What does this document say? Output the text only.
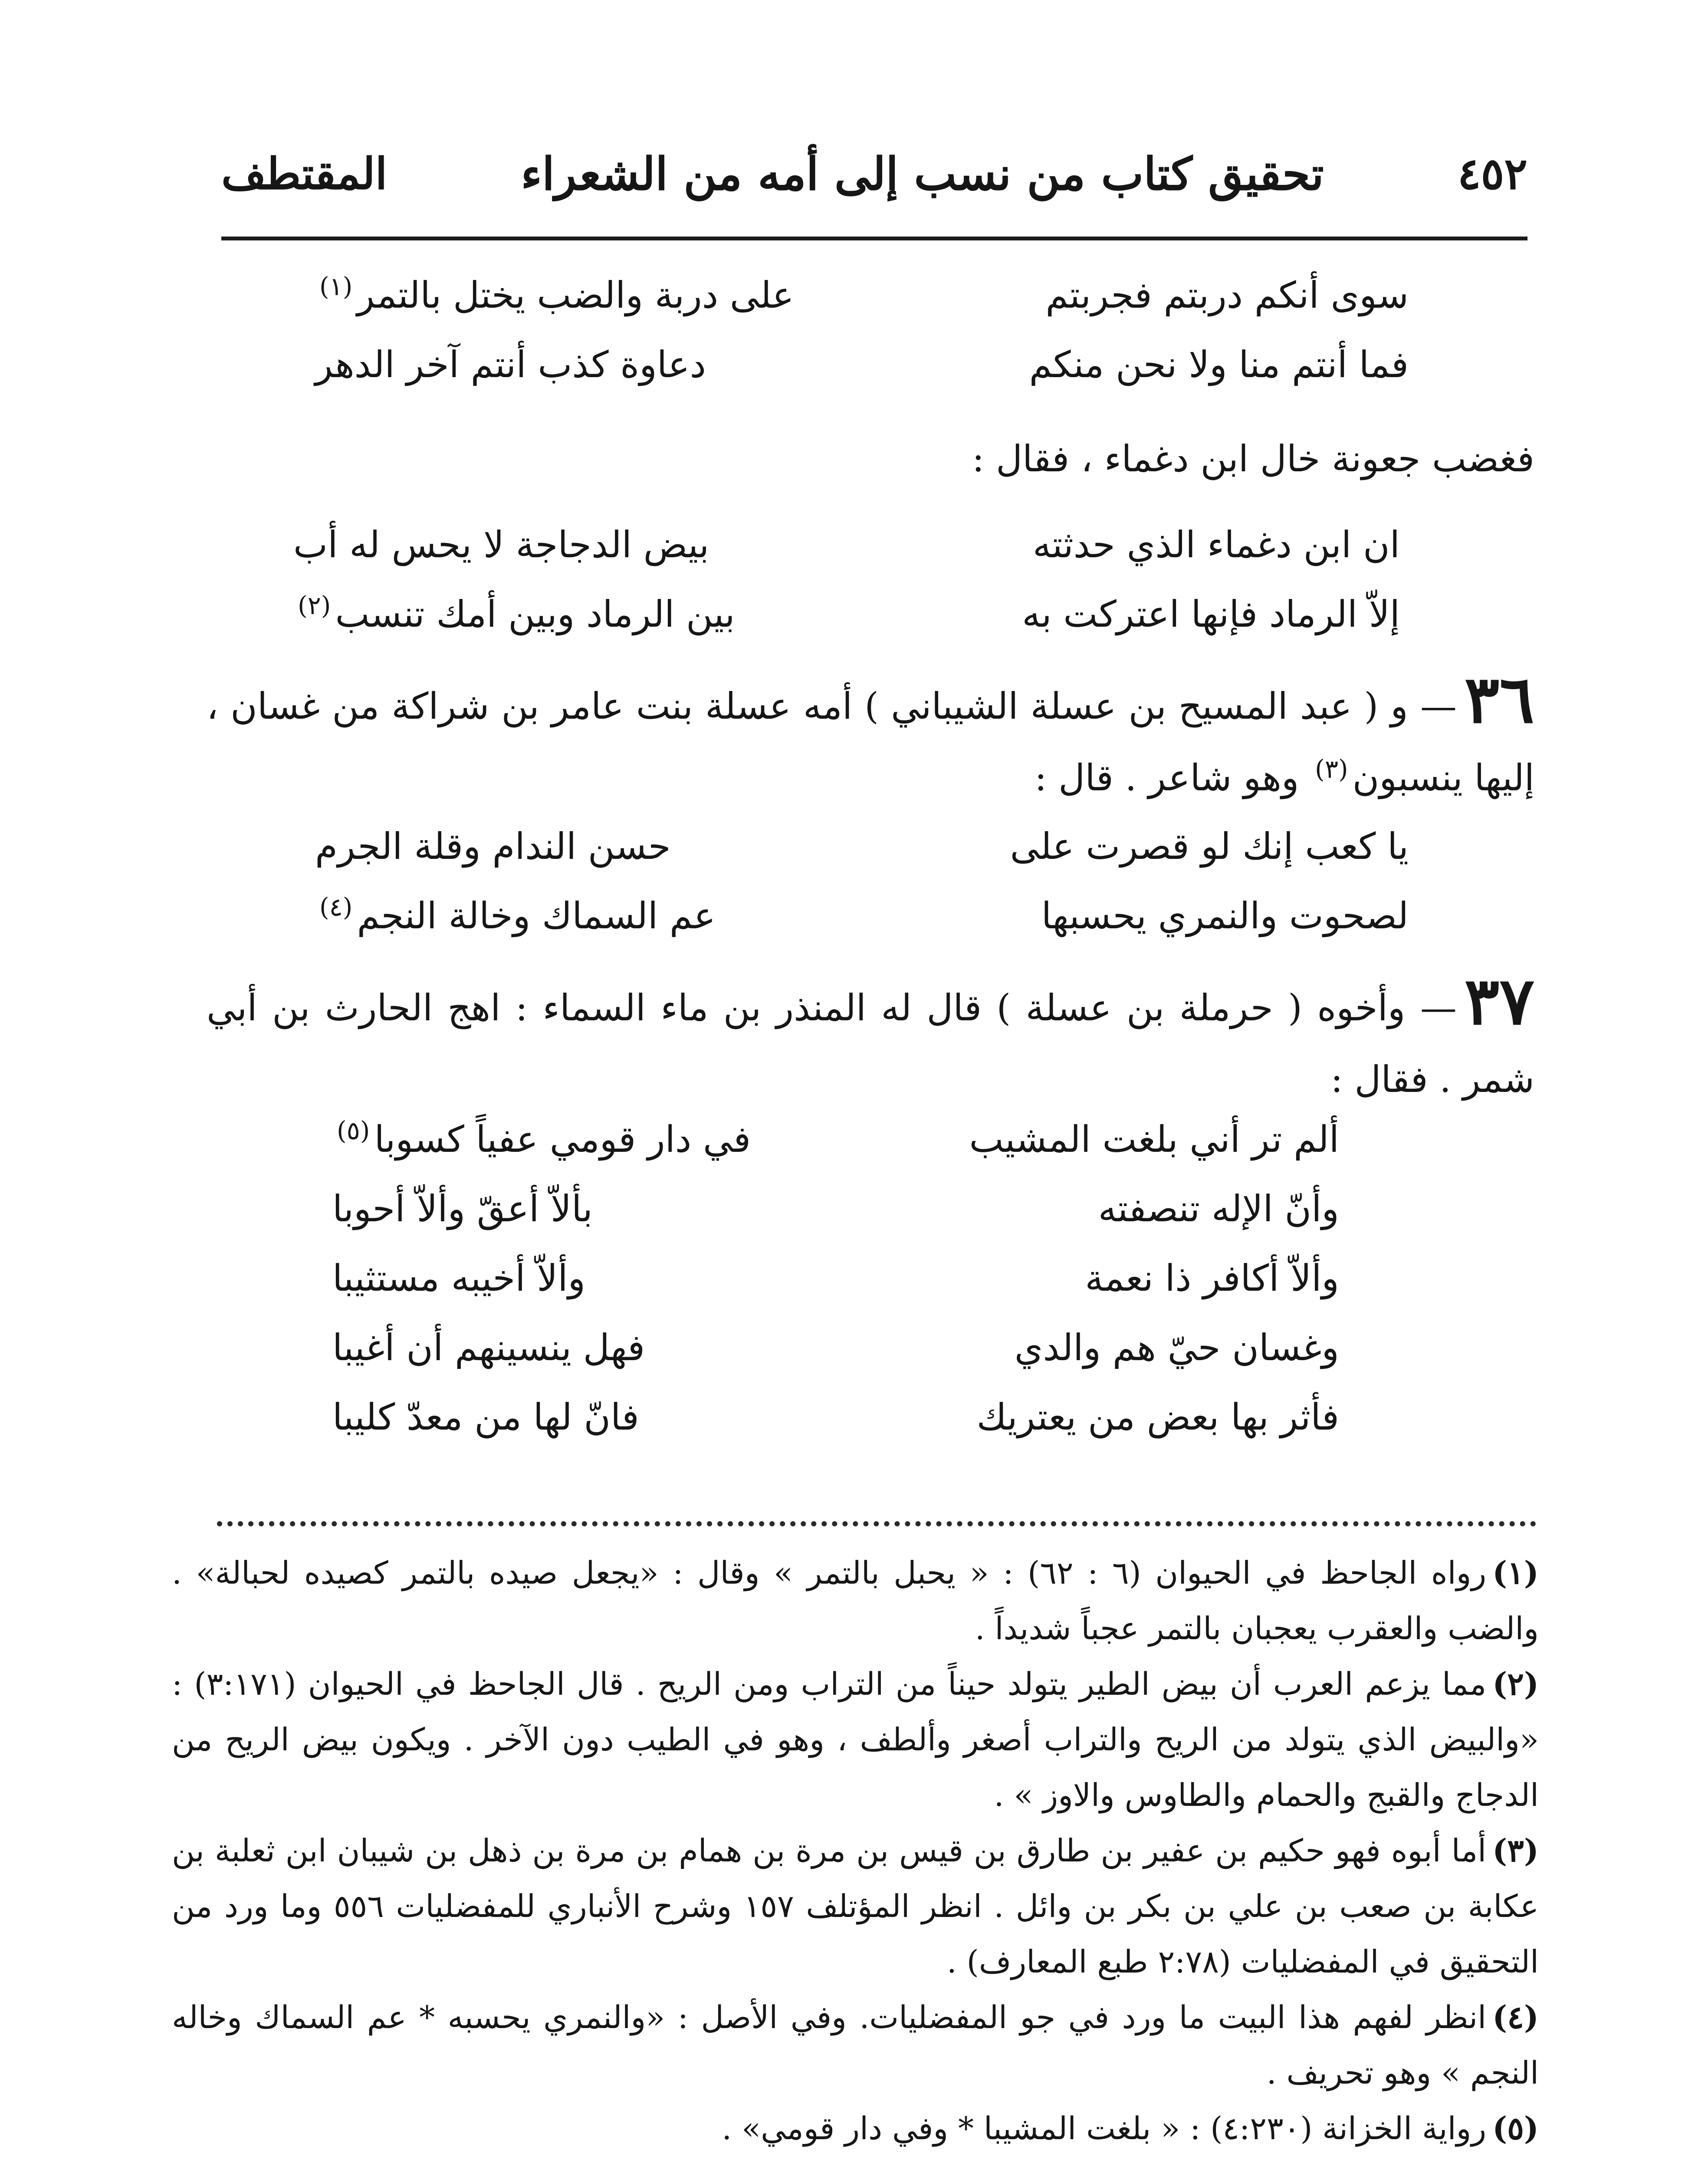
٤٥٢
تحقيق كتاب من نسب إلى أمه من الشعراء
المقتطف
سوى أنكم دربتم فجربتم
على دربة والضب يختل بالتمر$^{(١)}$
فما أنتم منا ولا نحن منكم
دعاوة كذب أنتم آخر الدهر
فغضب جعونة خال ابن دغماء ، فقال :
ان ابن دغماء الذي حدثته
بيض الدجاجة لا يحس له أب
إلاّ الرماد فإنها اعتركت به
بين الرماد وبين أمك تنسب$^{(٢)}$
٣٦— و ( عبد المسيح بن عسلة الشيباني ) أمه عسلة بنت عامر بن شراكة من غسان ، إليها ينسبون$^{(٣)}$ وهو شاعر . قال :
يا كعب إنك لو قصرت على
حسن الندام وقلة الجرم
لصحوت والنمري يحسبها
عم السماك وخالة النجم$^{(٤)}$
٣٧— وأخوه ( حرملة بن عسلة ) قال له المنذر بن ماء السماء : اهج الحارث بن أبي شمر . فقال :
ألم تر أني بلغت المشيب
في دار قومي عفياً كسوبا$^{(٥)}$
وأنّ الإله تنصفته
بألاّ أعقّ وألاّ أحوبا
وألاّ أكافر ذا نعمة
وألاّ أخيبه مستثيبا
وغسان حيّ هم والدي
فهل ينسينهم أن أغيبا
فأثر بها بعض من يعتريك
فانّ لها من معدّ كليبا

(١)رواه الجاحظ في الحيوان (٦ : ٦٢) : « يحبل بالتمر » وقال : «يجعل صيده بالتمر كصيده لحبالة» . والضب والعقرب يعجبان بالتمر عجباً شديداً .

(٢)مما يزعم العرب أن بيض الطير يتولد حيناً من التراب ومن الريح . قال الجاحظ في الحيوان (٣:١٧١) : «والبيض الذي يتولد من الريح والتراب أصغر وألطف ، وهو في الطيب دون الآخر . ويكون بيض الريح من الدجاج والقبج والحمام والطاوس والاوز » .

(٣)أما أبوه فهو حكيم بن عفير بن طارق بن قيس بن مرة بن همام بن مرة بن ذهل بن شيبان ابن ثعلبة بن عكابة بن صعب بن علي بن بكر بن وائل . انظر المؤتلف ١٥٧ وشرح الأنباري للمفضليات ٥٥٦ وما ورد من التحقيق في المفضليات (٢:٧٨ طبع المعارف) .

(٤)انظر لفهم هذا البيت ما ورد في جو المفضليات. وفي الأصل : «والنمري يحسبه * عم السماك وخاله النجم » وهو تحريف .

(٥)رواية الخزانة (٤:٢٣٠) : « بلغت المشيبا * وفي دار قومي» .
